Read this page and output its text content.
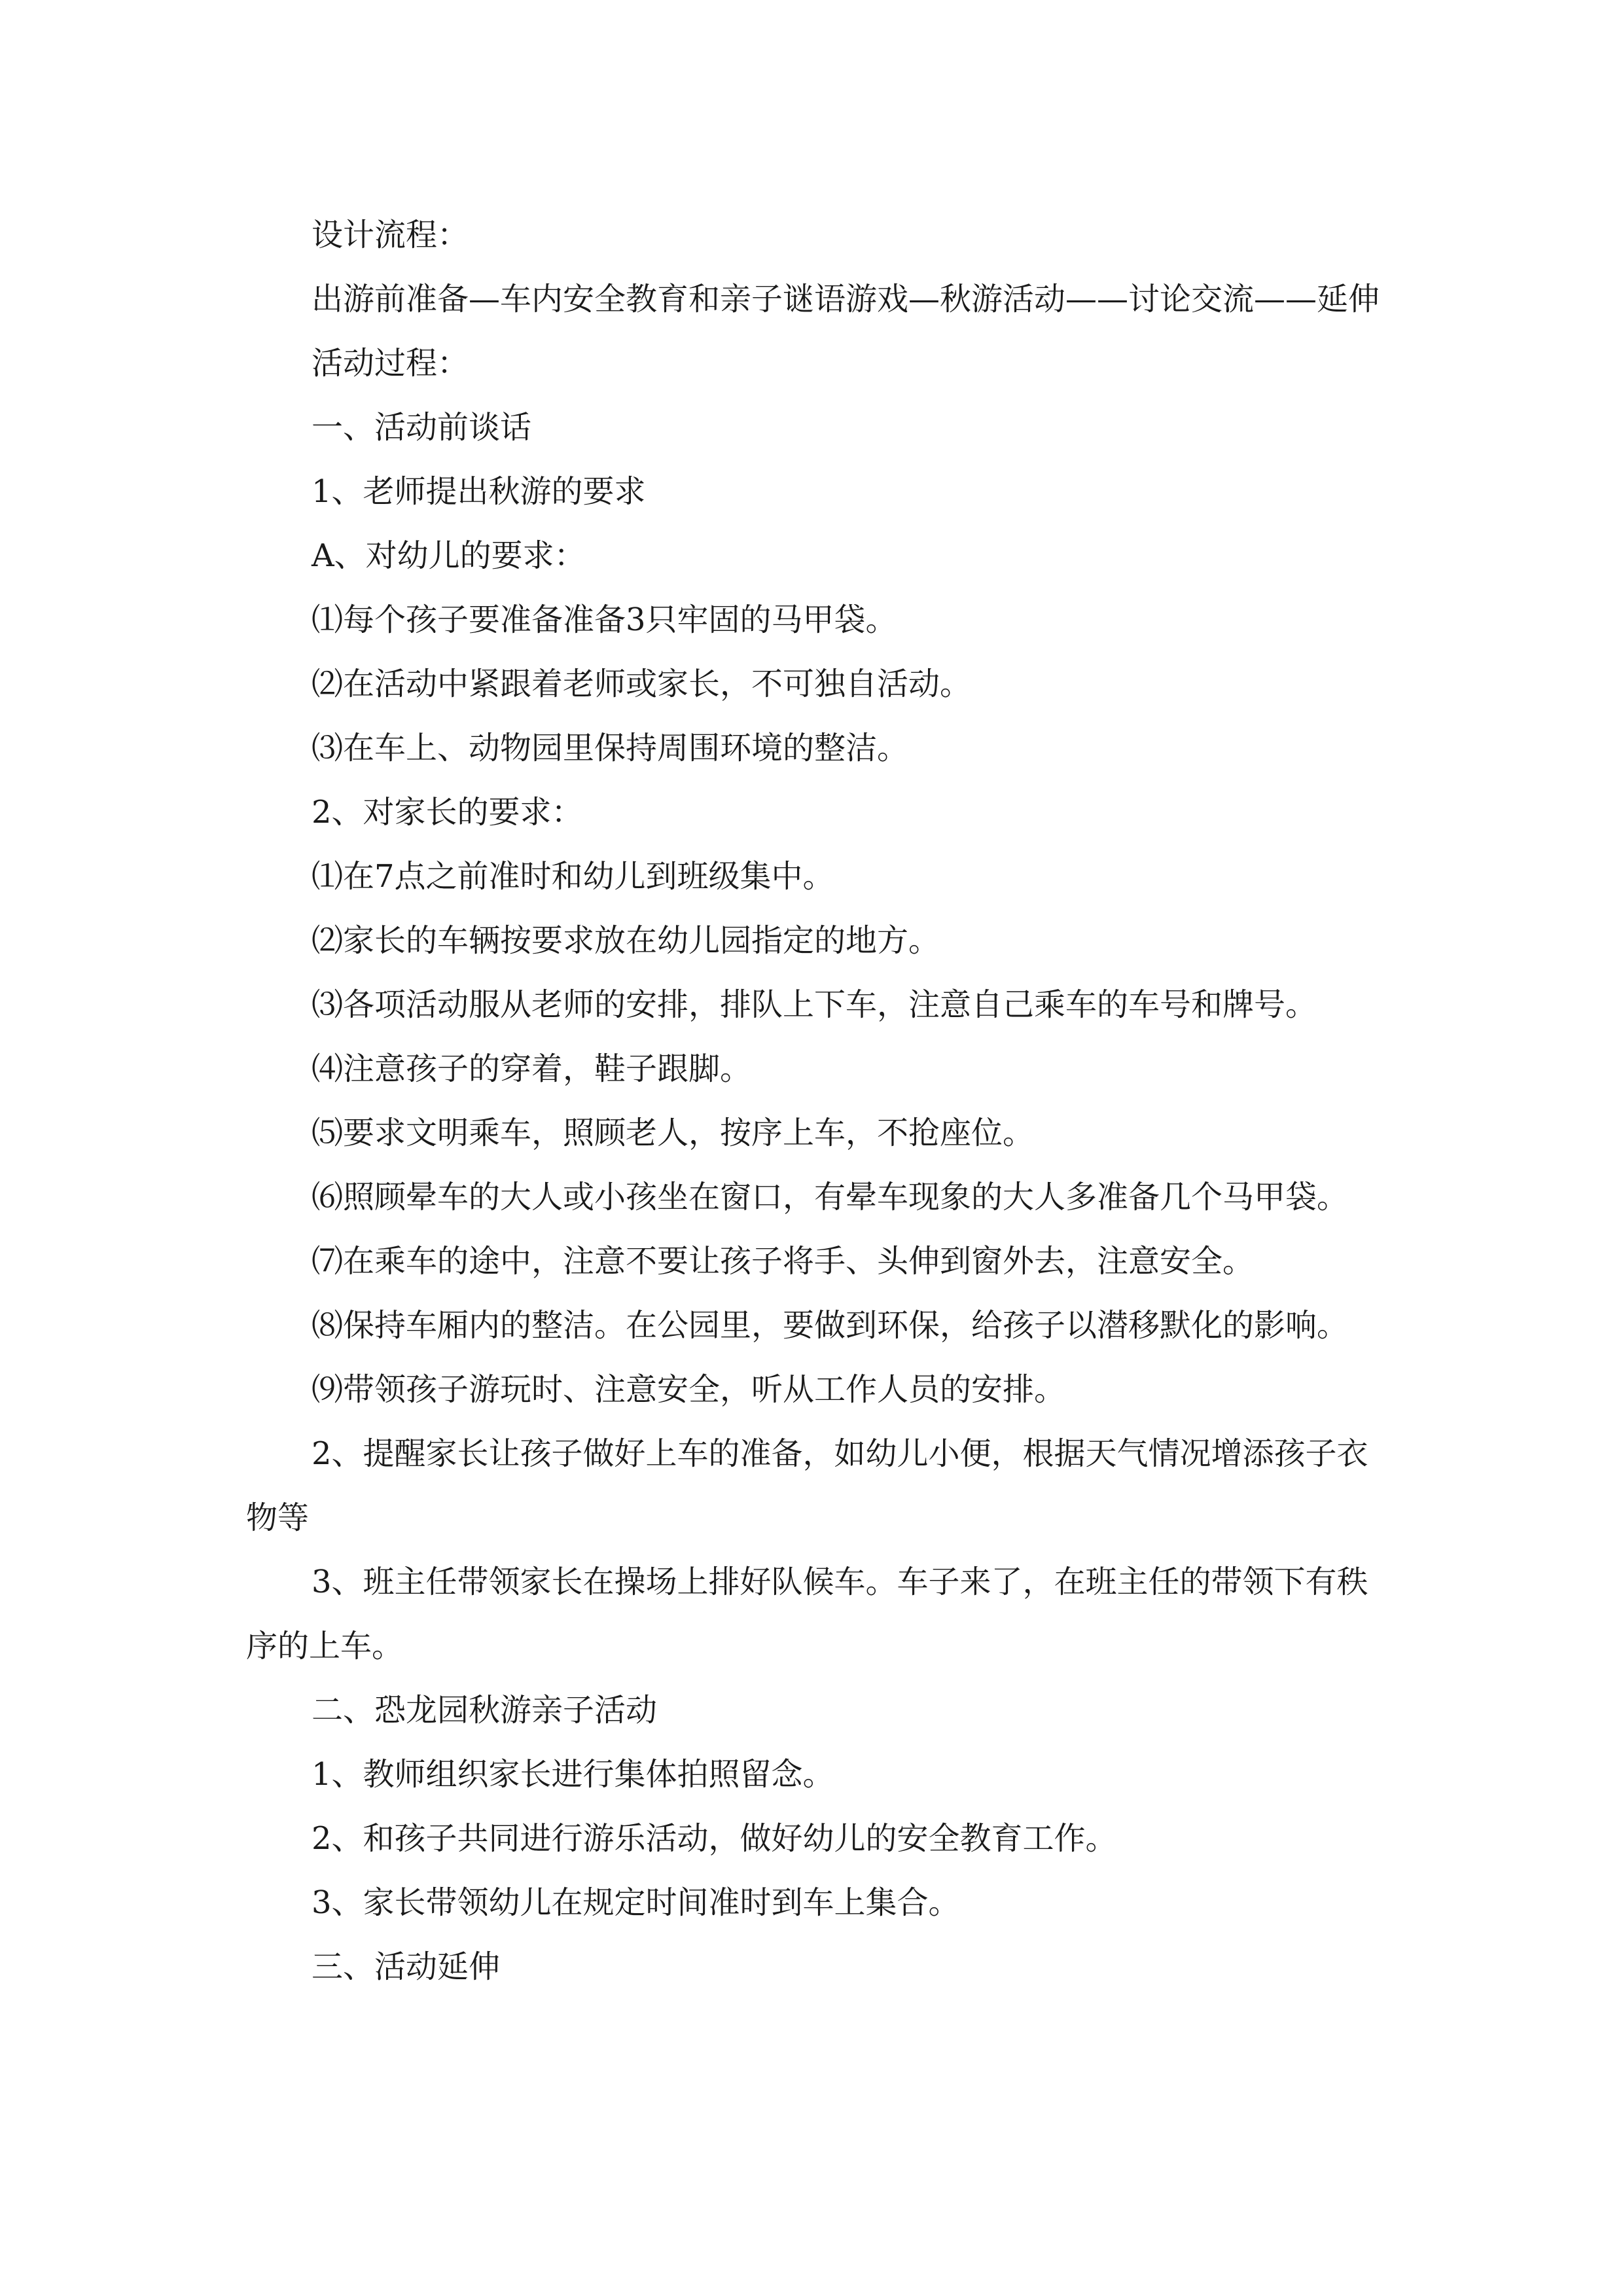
设计流程：

出游前准备—车内安全教育和亲子谜语游戏—秋游活动——讨论交流——延伸

活动过程：

一、活动前谈话

1、老师提出秋游的要求

A、对幼儿的要求：

⑴每个孩子要准备准备3只牢固的马甲袋。

⑵在活动中紧跟着老师或家长，不可独自活动。

⑶在车上、动物园里保持周围环境的整洁。

2、对家长的要求：

⑴在7点之前准时和幼儿到班级集中。

⑵家长的车辆按要求放在幼儿园指定的地方。

⑶各项活动服从老师的安排，排队上下车，注意自己乘车的车号和牌号。

⑷注意孩子的穿着，鞋子跟脚。

⑸要求文明乘车，照顾老人，按序上车，不抢座位。

⑹照顾晕车的大人或小孩坐在窗口，有晕车现象的大人多准备几个马甲袋。

⑺在乘车的途中，注意不要让孩子将手、头伸到窗外去，注意安全。

⑻保持车厢内的整洁。在公园里，要做到环保，给孩子以潜移默化的影响。

⑼带领孩子游玩时、注意安全，听从工作人员的安排。

2、提醒家长让孩子做好上车的准备，如幼儿小便，根据天气情况增添孩子衣物等

3、班主任带领家长在操场上排好队候车。车子来了，在班主任的带领下有秩序的上车。

二、恐龙园秋游亲子活动

1、教师组织家长进行集体拍照留念。

2、和孩子共同进行游乐活动，做好幼儿的安全教育工作。

3、家长带领幼儿在规定时间准时到车上集合。

三、活动延伸
